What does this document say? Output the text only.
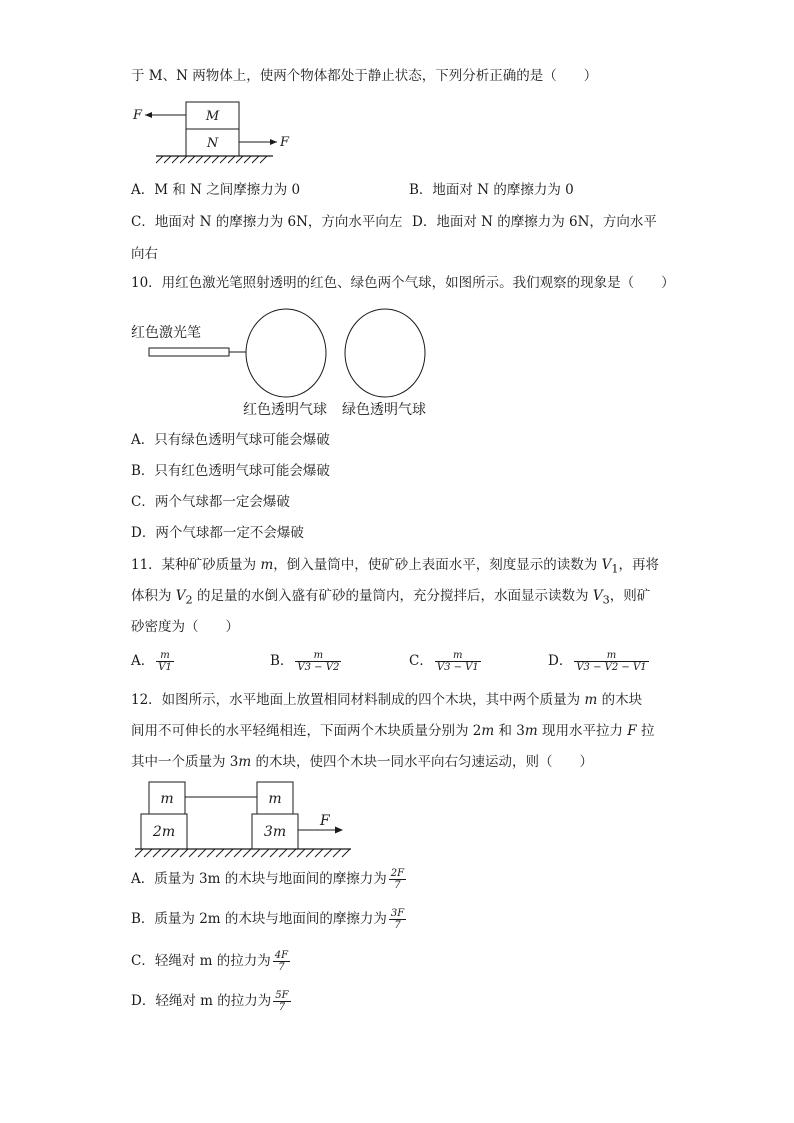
于 M、N 两物体上，使两个物体都处于静止状态，下列分析正确的是（　　）
M
N
F
F
A．M 和 N 之间摩擦力为 0	B．地面对 N 的摩擦力为 0
C．地面对 N 的摩擦力为 6N，方向水平向左 D．地面对 N 的摩擦力为 6N，方向水平
向右
10．用红色激光笔照射透明的红色、绿色两个气球，如图所示。我们观察的现象是（　　）
红色激光笔
红色透明气球 绿色透明气球
A．只有绿色透明气球可能会爆破
B．只有红色透明气球可能会爆破
C．两个气球都一定会爆破
D．两个气球都一定不会爆破
11．某种矿砂质量为 m，倒入量筒中，使矿砂上表面水平，刻度显示的读数为 $V_1$，再将
体积为 $V_2$ 的足量的水倒入盛有矿砂的量筒内，充分搅拌后，水面显示读数为 $V_3$，则矿
砂密度为（　　）
A． $\frac{m}{V1}$	B． $\frac{m}{V3 - V2}$	C． $\frac{m}{V3 - V1}$	D． $\frac{m}{V3 - V2 - V1}$
12．如图所示，水平地面上放置相同材料制成的四个木块，其中两个质量为 m 的木块
间用不可伸长的水平轻绳相连，下面两个木块质量分别为 2m 和 3m 现用水平拉力 F 拉
其中一个质量为 3m 的木块，使四个木块一同水平向右匀速运动，则（　　）
m	m
2m	3m
F
A．质量为 3m 的木块与地面间的摩擦力为 $\frac{2F}{7}$
B．质量为 2m 的木块与地面间的摩擦力为 $\frac{3F}{7}$
C．轻绳对 m 的拉力为 $\frac{4F}{7}$
D．轻绳对 m 的拉力为 $\frac{5F}{7}$
